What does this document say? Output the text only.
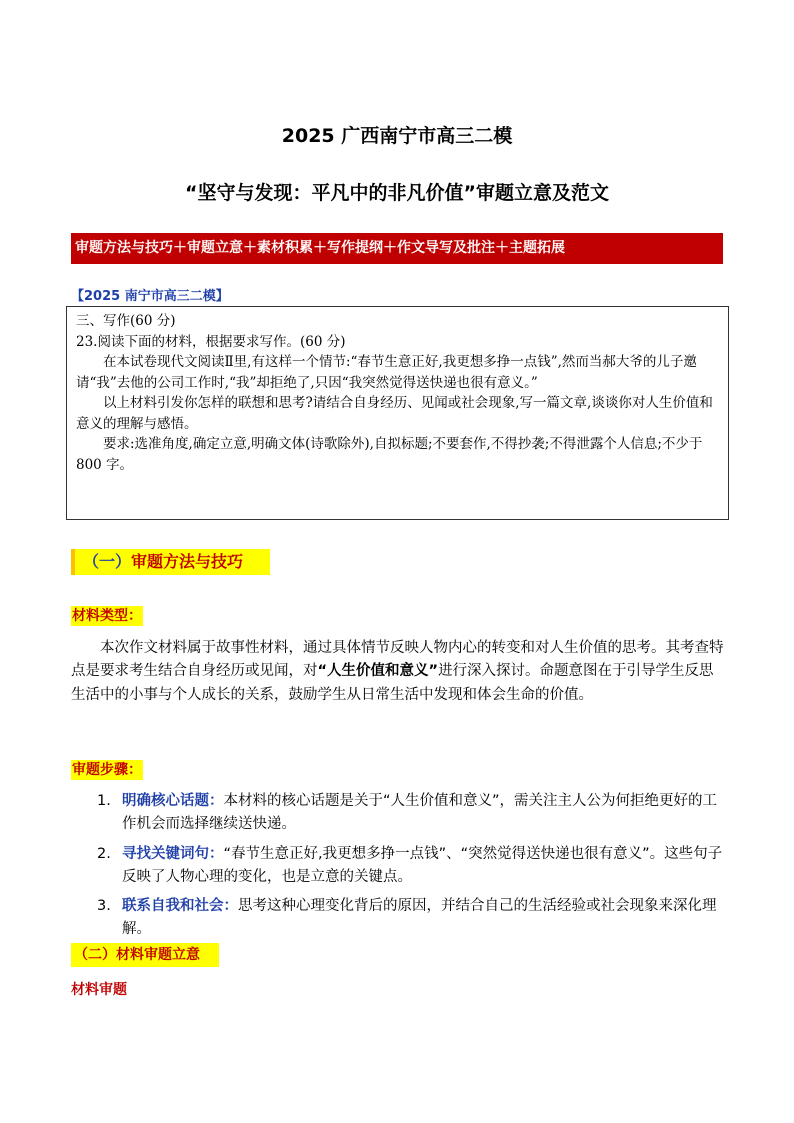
2025 广西南宁市高三二模
“坚守与发现：平凡中的非凡价值”审题立意及范文
审题方法与技巧＋审题立意＋素材积累＋写作提纲＋作文导写及批注＋主题拓展
【2025 南宁市高三二模】

三、写作(60 分)

23.阅读下面的材料，根据要求写作。(60 分)

在本试卷现代文阅读Ⅱ里,有这样一个情节:“春节生意正好,我更想多挣一点钱”,然而当郝大爷的儿子邀请“我”去他的公司工作时,“我”却拒绝了,只因“我突然觉得送快递也很有意义。”

以上材料引发你怎样的联想和思考?请结合自身经历、见闻或社会现象,写一篇文章,谈谈你对人生价值和意义的理解与感悟。

要求:选准角度,确定立意,明确文体(诗歌除外),自拟标题;不要套作,不得抄袭;不得泄露个人信息;不少于 800 字。

（一）审题方法与技巧
材料类型：

本次作文材料属于故事性材料，通过具体情节反映人物内心的转变和对人生价值的思考。其考查特点是要求考生结合自身经历或见闻，对“人生价值和意义”进行深入探讨。命题意图在于引导学生反思生活中的小事与个人成长的关系，鼓励学生从日常生活中发现和体会生命的价值。

审题步骤：
1. 明确核心话题：本材料的核心话题是关于“人生价值和意义”，需关注主人公为何拒绝更好的工作机会而选择继续送快递。
2. 寻找关键词句：“春节生意正好,我更想多挣一点钱”、“突然觉得送快递也很有意义”。这些句子反映了人物心理的变化，也是立意的关键点。
3. 联系自我和社会：思考这种心理变化背后的原因，并结合自己的生活经验或社会现象来深化理解。
（二）材料审题立意
材料审题
